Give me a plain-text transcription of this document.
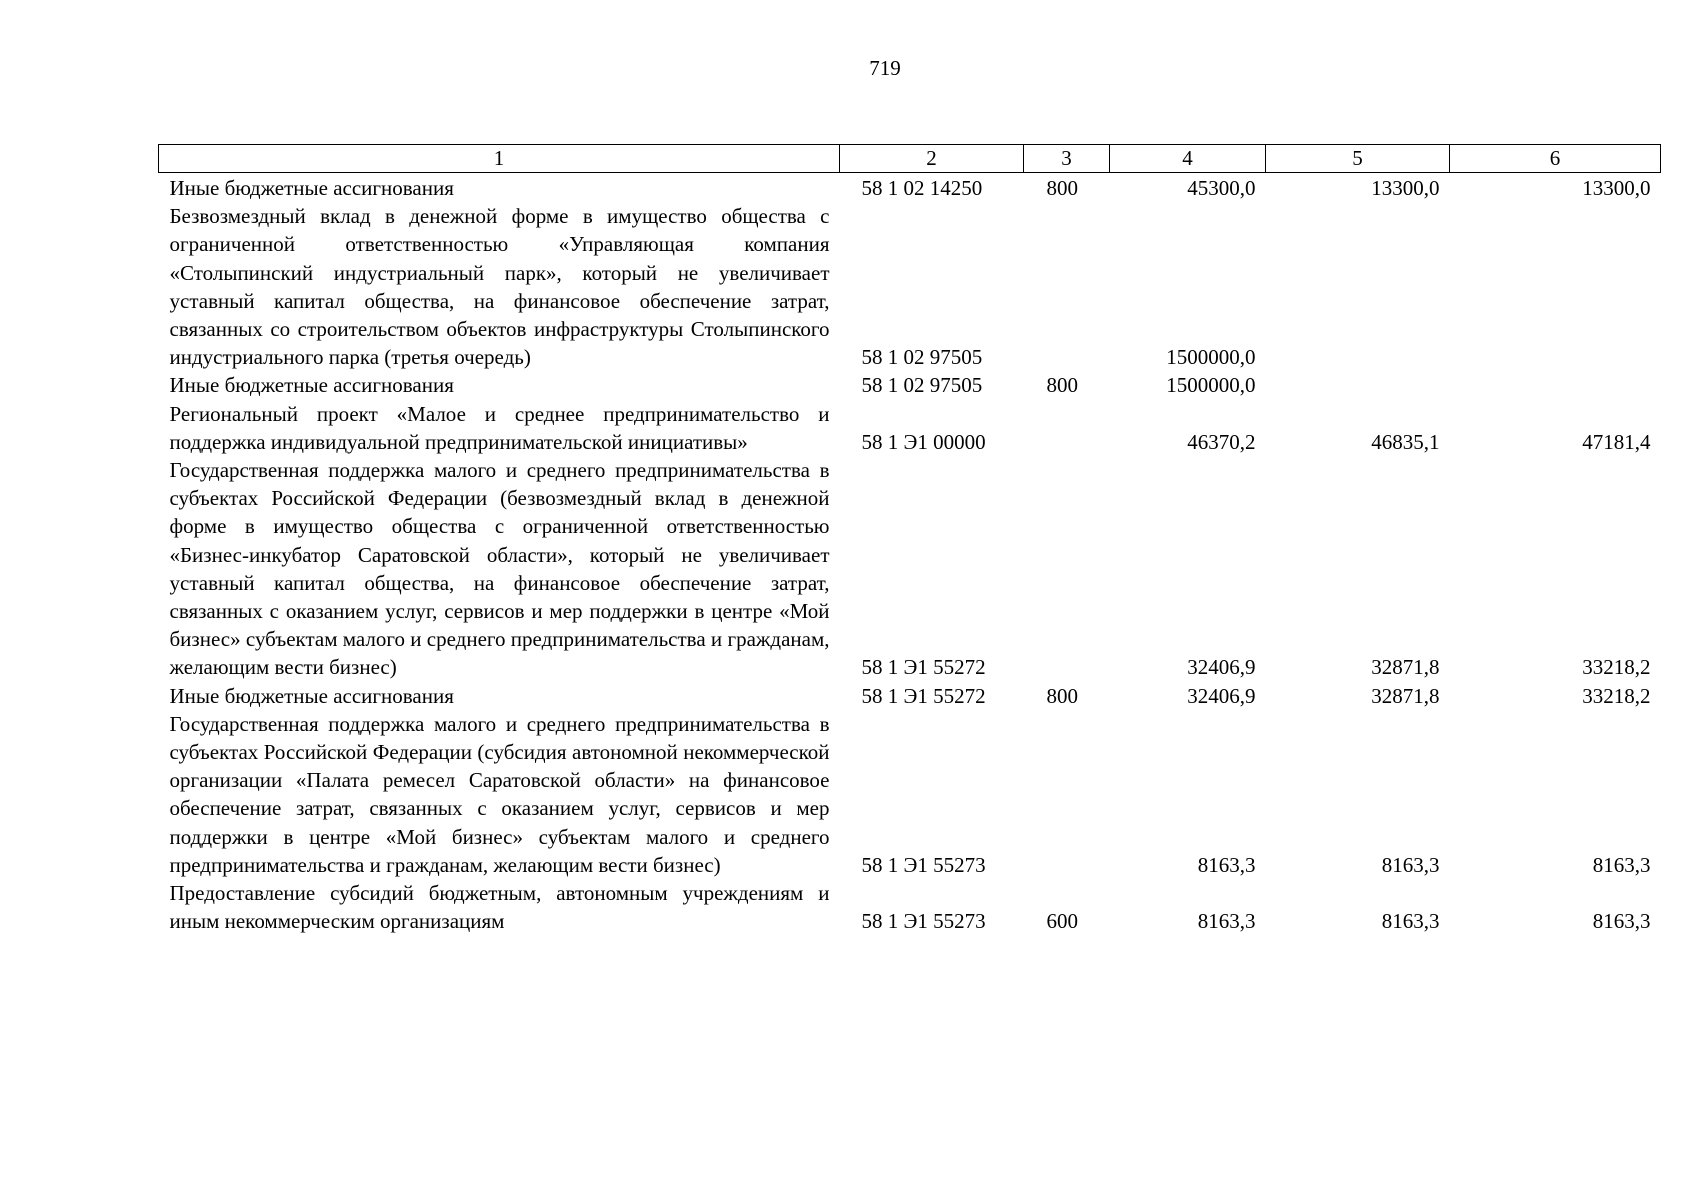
719
1	2	3	4	5	6
Иные бюджетные ассигнования	58 1 02 14250	800	45300,0	13300,0	13300,0
Безвозмездный вклад в денежной форме в имущество общества с ограниченной ответственностью «Управляющая компания «Столыпинский индустриальный парк», который не увеличивает уставный капитал общества, на финансовое обеспечение затрат, связанных со строительством объектов инфраструктуры Столыпинского индустриального парка (третья очередь)	58 1 02 97505		1500000,0		
Иные бюджетные ассигнования	58 1 02 97505	800	1500000,0		
Региональный проект «Малое и среднее предпринимательство и поддержка индивидуальной предпринимательской инициативы»	58 1 Э1 00000		46370,2	46835,1	47181,4
Государственная поддержка малого и среднего предпринимательства в субъектах Российской Федерации (безвозмездный вклад в денежной форме в имущество общества с ограниченной ответственностью «Бизнес-инкубатор Саратовской области», который не увеличивает уставный капитал общества, на финансовое обеспечение затрат, связанных с оказанием услуг, сервисов и мер поддержки в центре «Мой бизнес» субъектам малого и среднего предпринимательства и гражданам, желающим вести бизнес)	58 1 Э1 55272		32406,9	32871,8	33218,2
Иные бюджетные ассигнования	58 1 Э1 55272	800	32406,9	32871,8	33218,2
Государственная поддержка малого и среднего предпринимательства в субъектах Российской Федерации (субсидия автономной некоммерческой организации «Палата ремесел Саратовской области» на финансовое обеспечение затрат, связанных с оказанием услуг, сервисов и мер поддержки в центре «Мой бизнес» субъектам малого и среднего предпринимательства и гражданам, желающим вести бизнес)	58 1 Э1 55273		8163,3	8163,3	8163,3
Предоставление субсидий бюджетным, автономным учреждениям и иным некоммерческим организациям	58 1 Э1 55273	600	8163,3	8163,3	8163,3
